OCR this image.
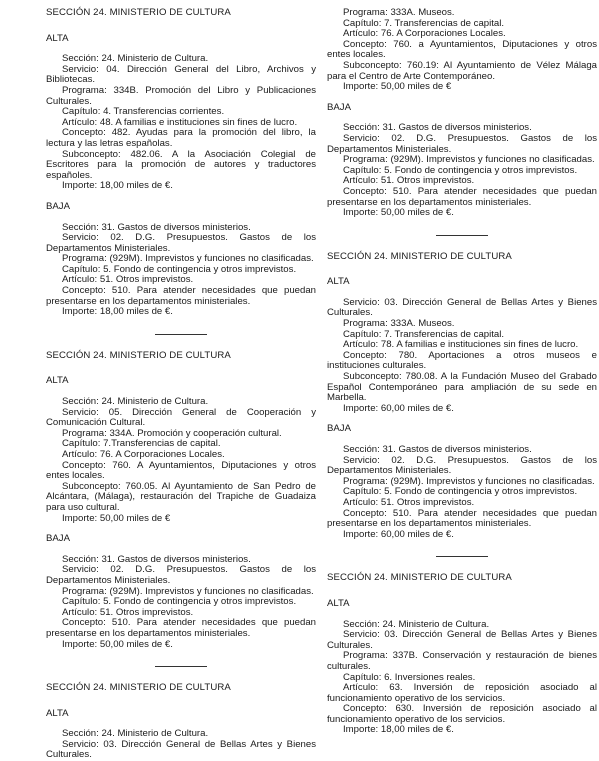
SECCIÓN 24. MINISTERIO DE CULTURA
ALTA
Sección: 24. Ministerio de Cultura.
Servicio: 04. Dirección General del Libro, Archivos y Bibliotecas.
Programa: 334B. Promoción del Libro y Publicaciones Culturales.
Capítulo: 4. Transferencias corrientes.
Artículo: 48. A familias e instituciones sin fines de lucro.
Concepto: 482. Ayudas para la promoción del libro, la lectura y las letras españolas.
Subconcepto: 482.06. A la Asociación Colegial de Escritores para la promoción de autores y traductores españoles.
Importe: 18,00 miles de €.
BAJA
Sección: 31. Gastos de diversos ministerios.
Servicio: 02. D.G. Presupuestos. Gastos de los Departamentos Ministeriales.
Programa: (929M). Imprevistos y funciones no clasificadas.
Capítulo: 5. Fondo de contingencia y otros imprevistos.
Artículo: 51. Otros imprevistos.
Concepto: 510. Para atender necesidades que puedan presentarse en los departamentos ministeriales.
Importe: 18,00 miles de €.
SECCIÓN 24. MINISTERIO DE CULTURA
ALTA
Sección: 24. Ministerio de Cultura.
Servicio: 05. Dirección General de Cooperación y Comunicación Cultural.
Programa: 334A. Promoción y cooperación cultural.
Capítulo: 7.Transferencias de capital.
Artículo: 76. A Corporaciones Locales.
Concepto: 760. A Ayuntamientos, Diputaciones y otros entes locales.
Subconcepto: 760.05. Al Ayuntamiento de San Pedro de Alcántara, (Málaga), restauración del Trapiche de Guadaiza para uso cultural.
Importe: 50,00 miles de €
BAJA
Sección: 31. Gastos de diversos ministerios.
Servicio: 02. D.G. Presupuestos. Gastos de los Departamentos Ministeriales.
Programa: (929M). Imprevistos y funciones no clasificadas.
Capítulo: 5. Fondo de contingencia y otros imprevistos.
Artículo: 51. Otros imprevistos.
Concepto: 510. Para atender necesidades que puedan presentarse en los departamentos ministeriales.
Importe: 50,00 miles de €.
SECCIÓN 24. MINISTERIO DE CULTURA
ALTA
Sección: 24. Ministerio de Cultura.
Servicio: 03. Dirección General de Bellas Artes y Bienes Culturales.
Programa: 333A. Museos.
Capítulo: 7. Transferencias de capital.
Artículo: 76. A Corporaciones Locales.
Concepto: 760. a Ayuntamientos, Diputaciones y otros entes locales.
Subconcepto: 760.19: Al Ayuntamiento de Vélez Málaga para el Centro de Arte Contemporáneo.
Importe: 50,00 miles de €
BAJA
Sección: 31. Gastos de diversos ministerios.
Servicio: 02. D.G. Presupuestos. Gastos de los Departamentos Ministeriales.
Programa: (929M). Imprevistos y funciones no clasificadas.
Capítulo: 5. Fondo de contingencia y otros imprevistos.
Artículo: 51. Otros imprevistos.
Concepto: 510. Para atender necesidades que puedan presentarse en los departamentos ministeriales.
Importe: 50,00 miles de €.
SECCIÓN 24. MINISTERIO DE CULTURA
ALTA
Servicio: 03. Dirección General de Bellas Artes y Bienes Culturales.
Programa: 333A. Museos.
Capítulo: 7. Transferencias de capital.
Artículo: 78. A familias e instituciones sin fines de lucro.
Concepto: 780. Aportaciones a otros museos e instituciones culturales.
Subconcepto: 780.08. A la Fundación Museo del Grabado Español Contemporáneo para ampliación de su sede en Marbella.
Importe: 60,00 miles de €.
BAJA
Sección: 31. Gastos de diversos ministerios.
Servicio: 02. D.G. Presupuestos. Gastos de los Departamentos Ministeriales.
Programa: (929M). Imprevistos y funciones no clasificadas.
Capítulo: 5. Fondo de contingencia y otros imprevistos.
Artículo: 51. Otros imprevistos.
Concepto: 510. Para atender necesidades que puedan presentarse en los departamentos ministeriales.
Importe: 60,00 miles de €.
SECCIÓN 24. MINISTERIO DE CULTURA
ALTA
Sección: 24. Ministerio de Cultura.
Servicio: 03. Dirección General de Bellas Artes y Bienes Culturales.
Programa: 337B. Conservación y restauración de bienes culturales.
Capítulo: 6. Inversiones reales.
Artículo: 63. Inversión de reposición asociado al funcionamiento operativo de los servicios.
Concepto: 630. Inversión de reposición asociado al funcionamiento operativo de los servicios.
Importe: 18,00 miles de €.
